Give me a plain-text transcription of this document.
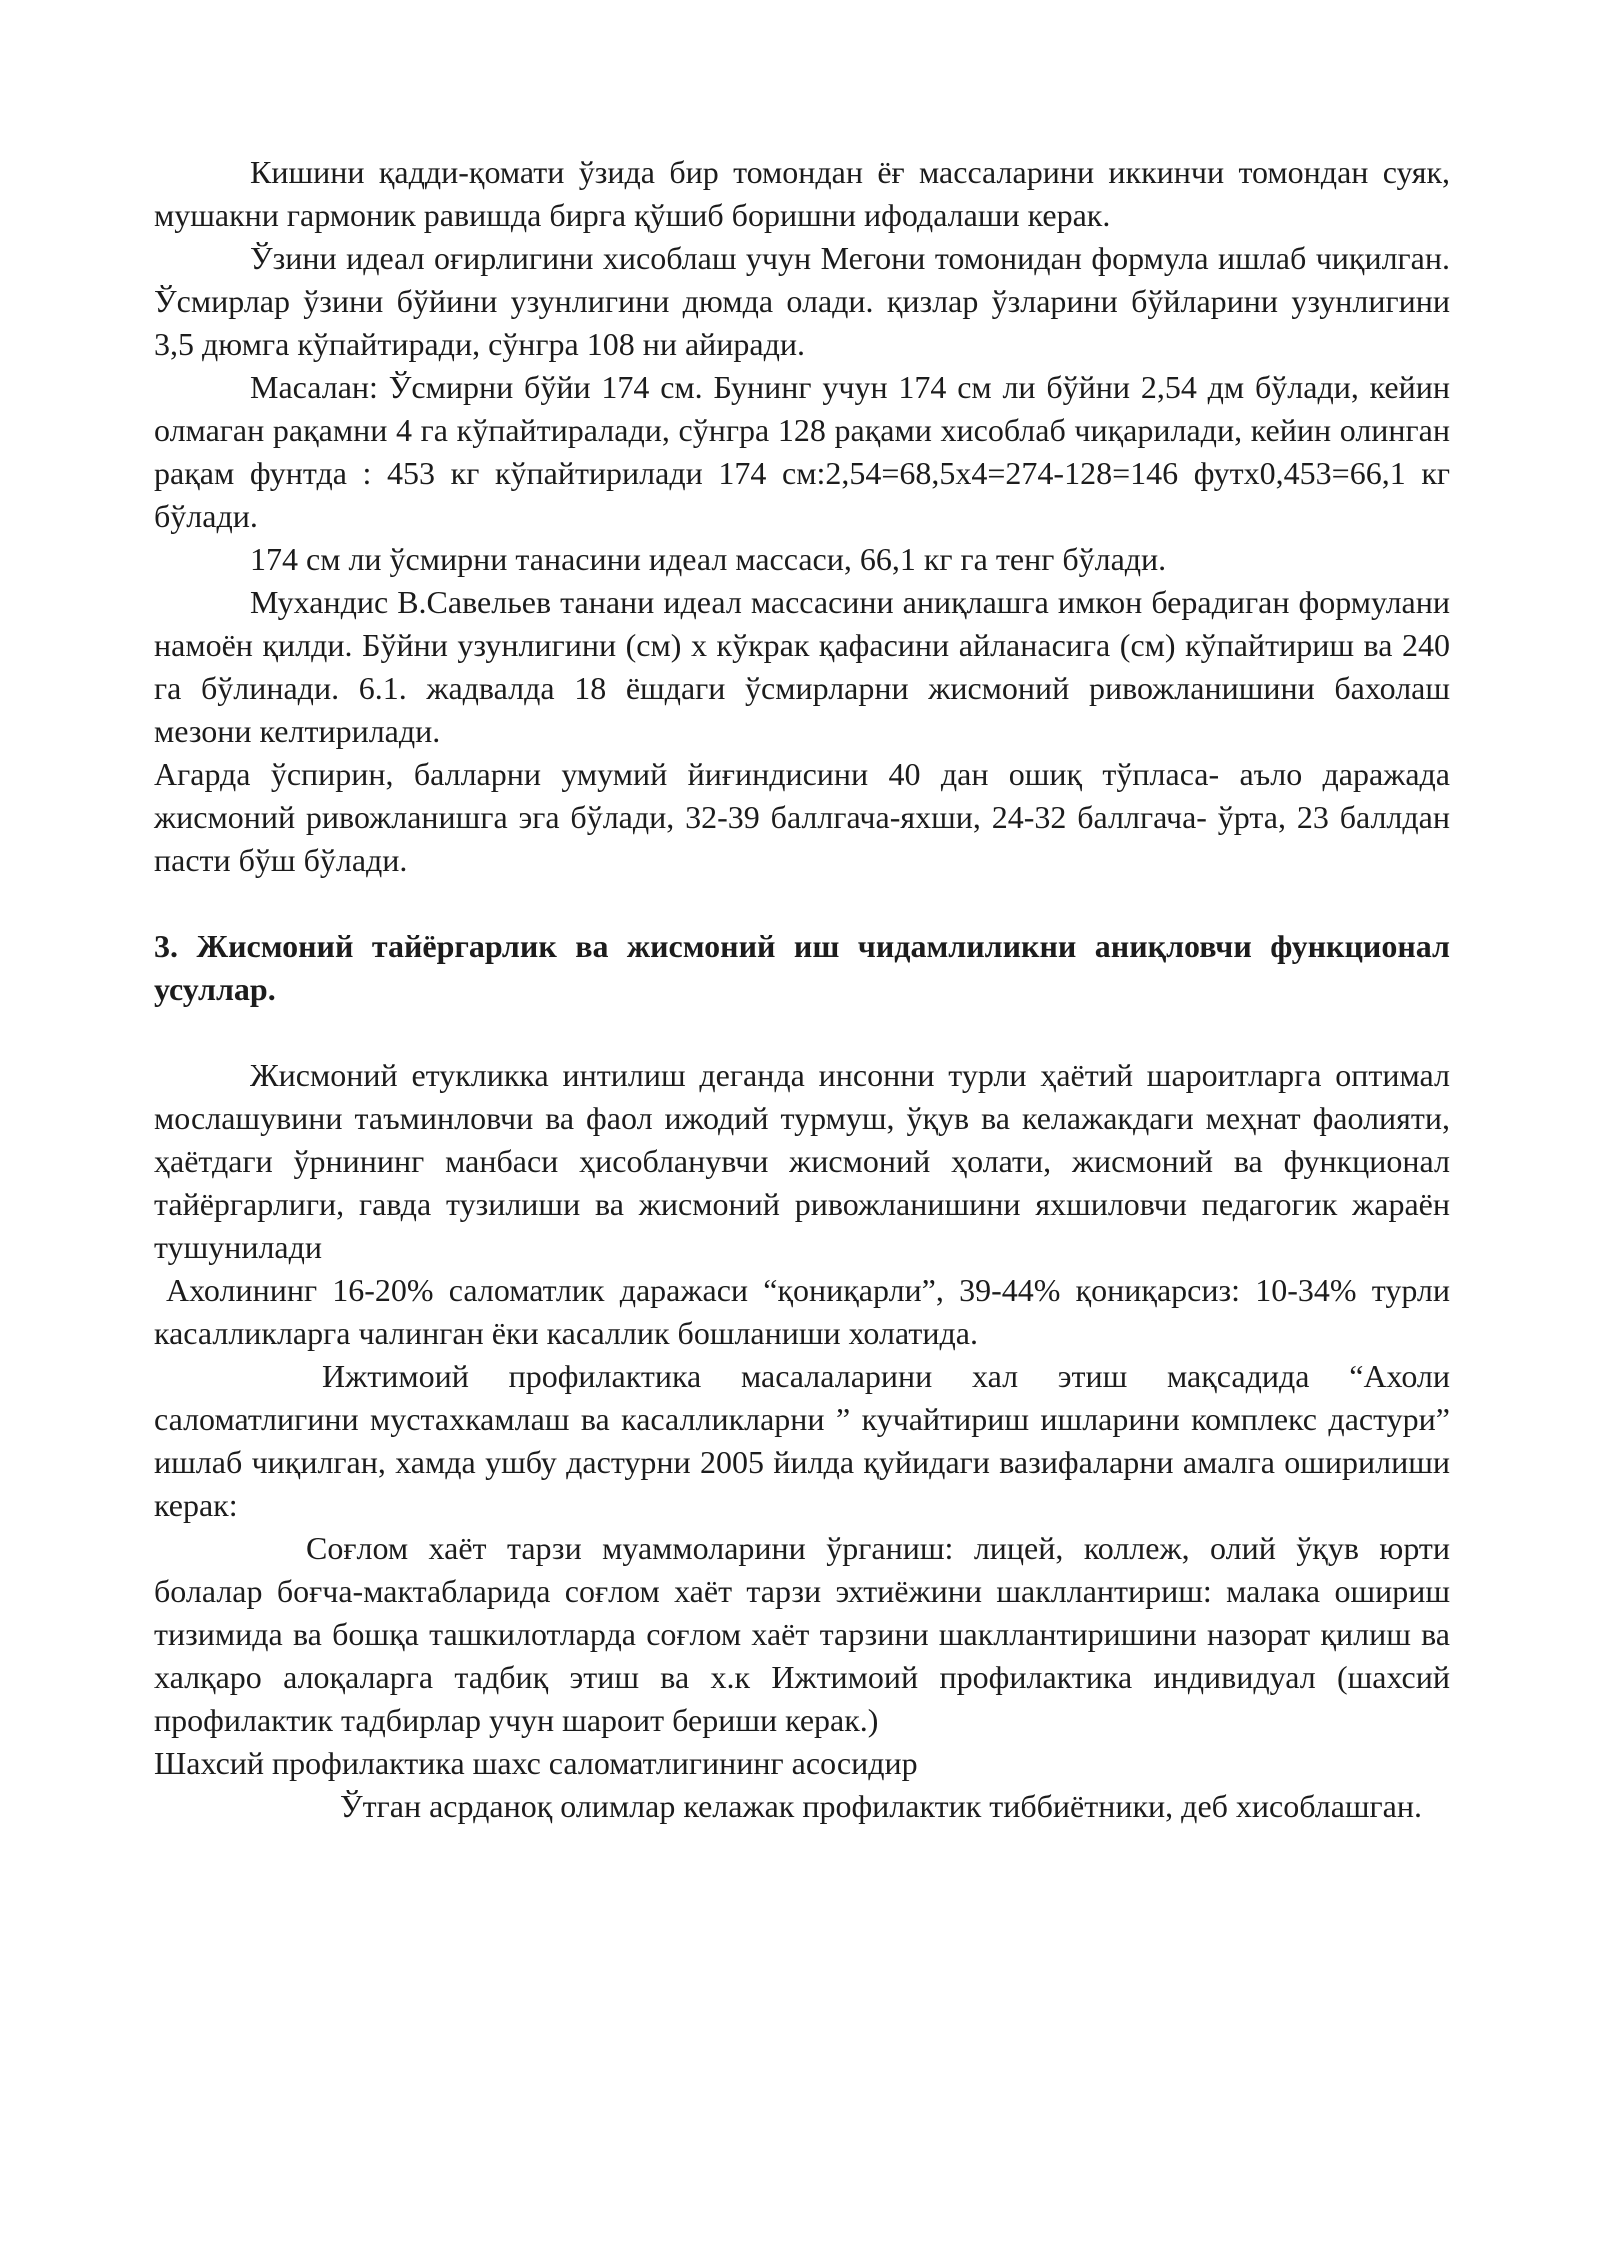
Кишини қадди-қомати ўзида бир томондан ёғ массаларини иккинчи томондан суяк, мушакни гармоник равишда бирга қўшиб боришни ифодалаши керак.

Ўзини идеал оғирлигини хисоблаш учун Мегони томонидан формула ишлаб чиқилган. Ўсмирлар ўзини бўйини узунлигини дюмда олади. қизлар ўзларини бўйларини узунлигини 3,5 дюмга кўпайтиради, сўнгра 108 ни айиради.

Масалан: Ўсмирни бўйи 174 см. Бунинг учун 174 см ли бўйни 2,54 дм бўлади, кейин олмаган рақамни 4 га кўпайтиралади, сўнгра 128 рақами хисоблаб чиқарилади, кейин олинган рақам фунтда : 453 кг кўпайтирилади 174 см:2,54=68,5х4=274-128=146 футх0,453=66,1 кг бўлади.

174 см ли ўсмирни танасини идеал массаси, 66,1 кг га тенг бўлади.

Мухандис В.Савельев танани идеал массасини аниқлашга имкон берадиган формулани намоён қилди. Бўйни узунлигини (см) х кўкрак қафасини айланасига (см) кўпайтириш ва 240 га бўлинади. 6.1. жадвалда 18 ёшдаги ўсмирларни жисмоний ривожланишини бахолаш мезони келтирилади.

Агарда ўспирин, балларни умумий йиғиндисини 40 дан ошиқ тўпласа- аъло даражада жисмоний ривожланишга эга бўлади, 32-39 баллгача-яхши, 24-32 баллгача- ўрта, 23 баллдан пасти бўш бўлади.

3. Жисмоний тайёргарлик ва жисмоний иш чидамлиликни аниқловчи функционал усуллар.

Жисмоний етукликка интилиш деганда инсонни турли ҳаётий шароитларга оптимал мослашувини таъминловчи ва фаол ижодий турмуш, ўқув ва келажакдаги меҳнат фаолияти, ҳаётдаги ўрнининг манбаси ҳисобланувчи жисмоний ҳолати, жисмоний ва функционал тайёргарлиги, гавда тузилиши ва жисмоний ривожланишини яхшиловчи педагогик жараён тушунилади

Ахолининг 16-20% саломатлик даражаси “қониқарли”, 39-44% қониқарсиз: 10-34% турли касалликларга чалинган ёки касаллик бошланиши холатида.

Ижтимоий профилактика масалаларини хал этиш мақсадида “Ахоли саломатлигини мустахкамлаш ва касалликларни ” кучайтириш ишларини комплекс дастури” ишлаб чиқилган, хамда ушбу дастурни 2005 йилда қуйидаги вазифаларни амалга оширилиши керак:

Соғлом хаёт тарзи муаммоларини ўрганиш: лицей, коллеж, олий ўқув юрти болалар боғча-мактабларида соғлом хаёт тарзи эхтиёжини шакллантириш: малака ошириш тизимида ва бошқа ташкилотларда соғлом хаёт тарзини шакллантиришини назорат қилиш ва халқаро алоқаларга тадбиқ этиш ва х.к Ижтимоий профилактика индивидуал (шахсий профилактик тадбирлар учун шароит бериши керак.)

Шахсий профилактика шахс саломатлигининг асосидир

Ўтган асрданоқ олимлар келажак профилактик тиббиётники, деб хисоблашган.
